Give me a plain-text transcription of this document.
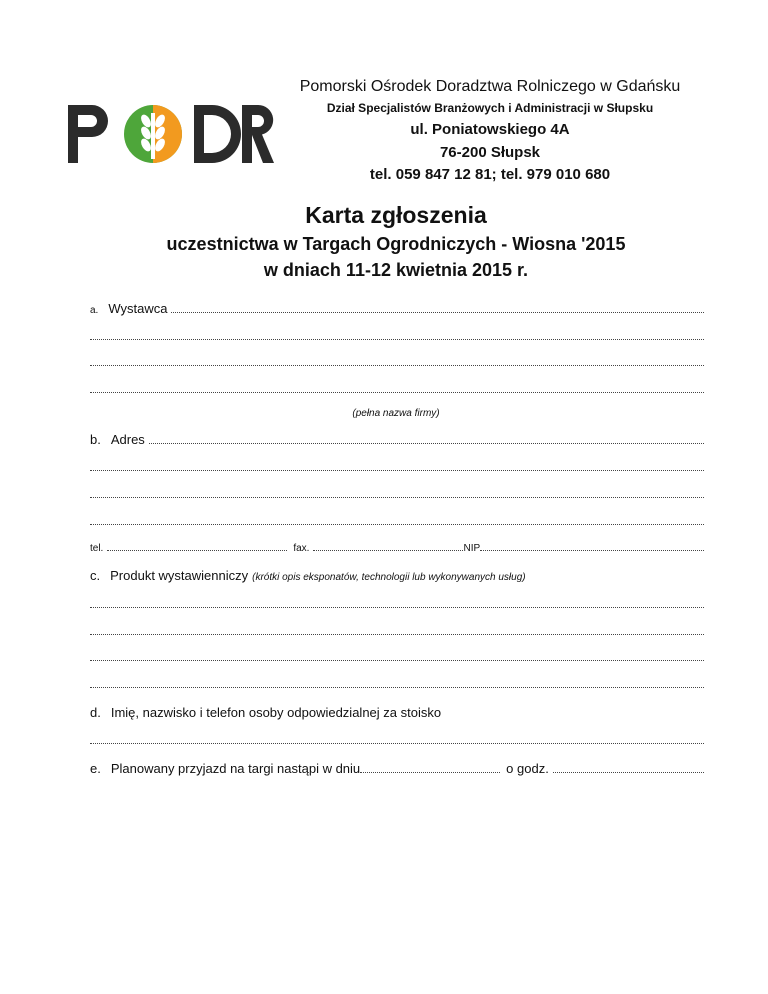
Pomorski Ośrodek Doradztwa Rolniczego w Gdańsku
Dział Specjalistów Branżowych i Administracji w Słupsku
ul. Poniatowskiego 4A
76-200 Słupsk
tel. 059 847 12 81; tel. 979 010 680
Karta zgłoszenia
uczestnictwa w Targach Ogrodniczych - Wiosna '2015
w dniach 11-12 kwietnia 2015 r.
a. Wystawca
(pełna nazwa firmy)
b. Adres
tel.	fax.	NIP
c. Produkt wystawienniczy (krótki opis eksponatów, technologii lub wykonywanych usług)
d. Imię, nazwisko i telefon osoby odpowiedzialnej za stoisko
e. Planowany przyjazd na targi nastąpi w dniu	o godz.
